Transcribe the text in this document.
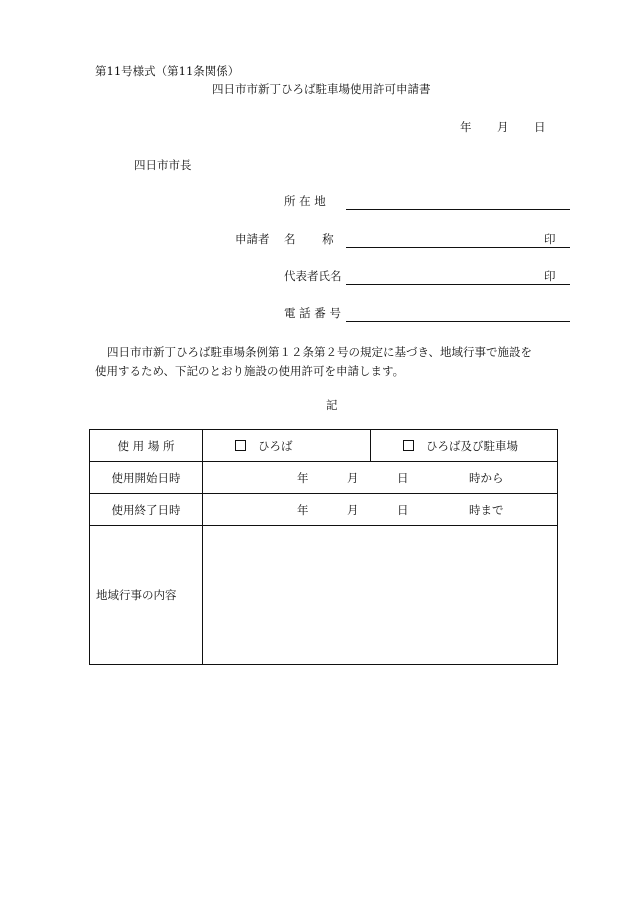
第11号様式（第11条関係）
四日市市新丁ひろば駐車場使用許可申請書
年 月 日
四日市市長
所 在 地
申請者 名　　 称	印
代表者氏名	印
電 話 番 号
四日市市新丁ひろば駐車場条例第１２条第２号の規定に基づき、地域行事で施設を
使用するため、下記のとおり施設の使用許可を申請します。
記
使 用 場 所	ひろば	ひろば及び駐車場
使用開始日時	年 月 日 時から	

使用終了日時	年 月 日 時まで	

地域行事の内容		
